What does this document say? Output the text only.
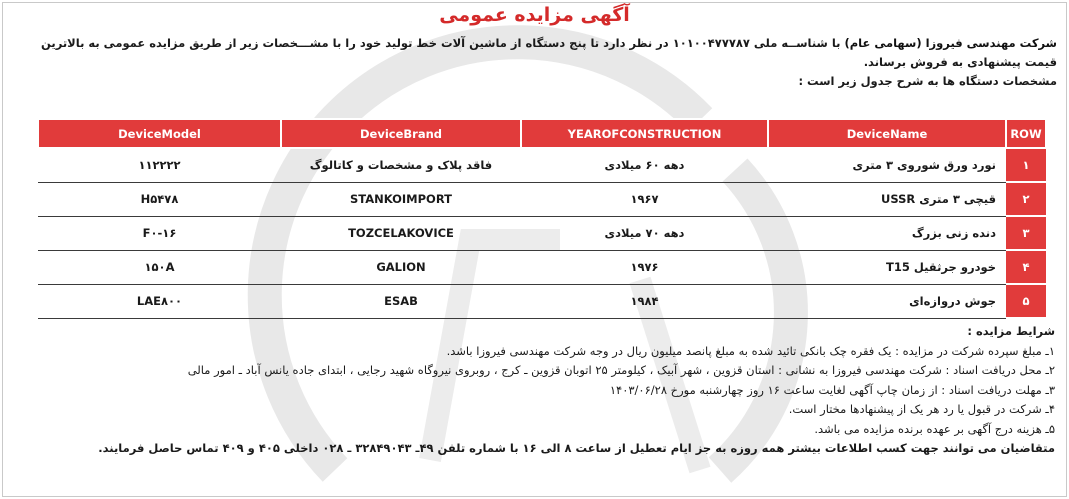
آگهی مزایده عمومی
شرکت مهندسی فیروزا (سهامی عام) با شناســه ملی ۱۰۱۰۰۴۷۷۷۸۷ در نظر دارد تا پنج دستگاه از ماشین آلات خط تولید خود را با مشـــخصات زیر از طریق مزایده عمومی به بالاترین قیمت پیشنهادی به فروش برساند.
مشخصات دستگاه ها به شرح جدول زیر است :
ROW	DeviceName	YEAROFCONSTRUCTION	DeviceBrand	DeviceModel
۱	نورد ورق شوروی ۳ متری	دهه ۶۰ میلادی	فاقد پلاک و مشخصات و کاتالوگ	۱۱۲۲۲۲
۲	قیچی ۳ متری USSR	۱۹۶۷	STANKOIMPORT	H۵۴۷۸
۳	دنده زنی بزرگ	دهه ۷۰ میلادی	TOZCELAKOVICE	F۰-۱۶
۴	خودرو جرثقیل T15	۱۹۷۶	GALION	۱۵۰A
۵	جوش دروازه‌ای	۱۹۸۴	ESAB	LAE۸۰۰
شرایط مزایده :
۱ـ مبلغ سپرده شرکت در مزایده : یک فقره چک بانکی تائید شده به مبلغ پانصد میلیون ریال در وجه شرکت مهندسی فیروزا باشد.
۲ـ محل دریافت اسناد : شرکت مهندسی فیروزا به نشانی : استان قزوین ، شهر آبیک ، کیلومتر ۲۵ اتوبان قزوین ـ کرج ، روبروی نیروگاه شهید رجایی ، ابتدای جاده یانس آباد ـ امور مالی
۳ـ مهلت دریافت اسناد : از زمان چاپ آگهی لغایت ساعت ۱۶ روز چهارشنبه مورخ ۱۴۰۳/۰۶/۲۸
۴ـ شرکت در قبول یا رد هر یک از پیشنهادها مختار است.
۵ـ هزینه درج آگهی بر عهده برنده مزایده می باشد.
متقاضیان می توانند جهت کسب اطلاعات بیشتر همه روزه به جز ایام تعطیل از ساعت ۸ الی ۱۶ با شماره تلفن ۴۹ـ ۳۲۸۴۹۰۴۳ ـ ۰۲۸ داخلی ۴۰۵ و ۴۰۹ تماس حاصل فرمایند.
